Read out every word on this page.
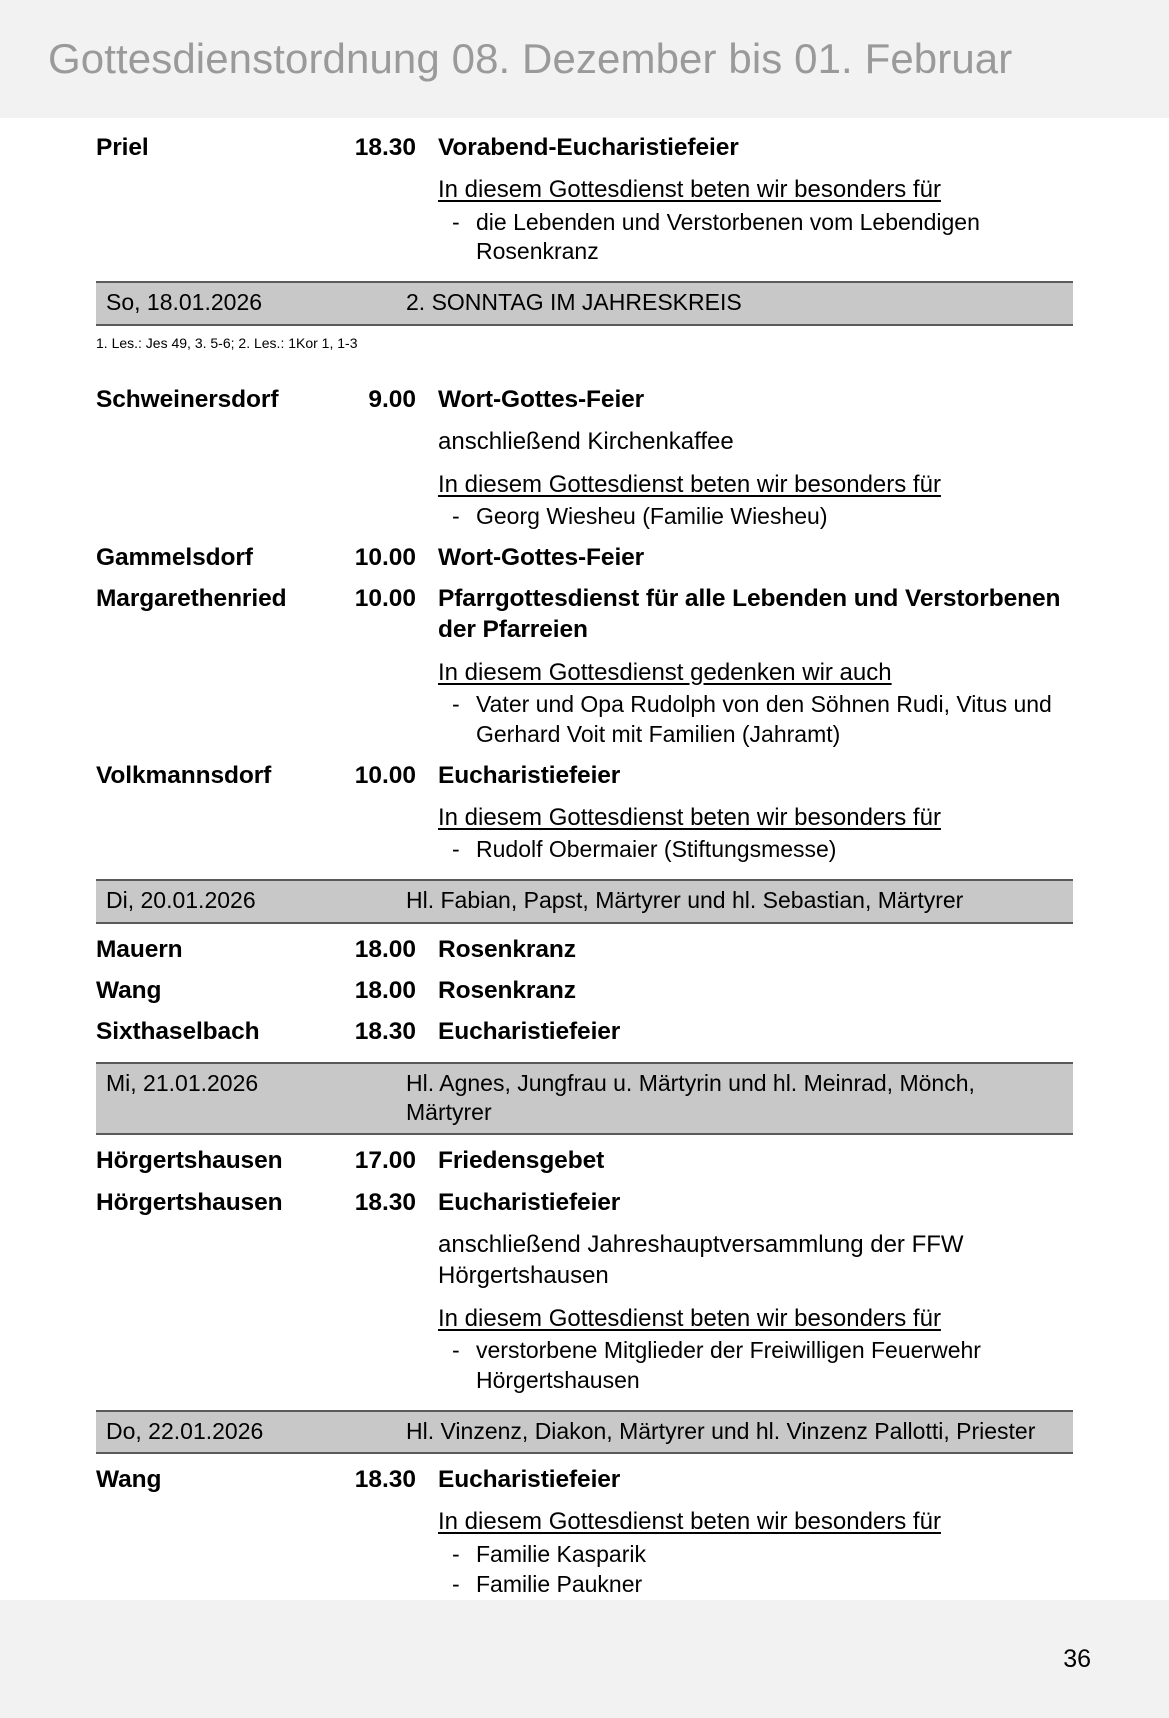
Gottesdienstordnung 08. Dezember bis 01. Februar
Priel	18.30 Vorabend-Eucharistiefeier
In diesem Gottesdienst beten wir besonders für
- die Lebenden und Verstorbenen vom Lebendigen Rosenkranz
So, 18.01.2026	2. SONNTAG IM JAHRESKREIS
1. Les.: Jes 49, 3. 5-6; 2. Les.: 1Kor 1, 1-3
Schweinersdorf	9.00 Wort-Gottes-Feier
anschließend Kirchenkaffee
In diesem Gottesdienst beten wir besonders für
- Georg Wiesheu (Familie Wiesheu)
Gammelsdorf	10.00 Wort-Gottes-Feier
Margarethenried	10.00 Pfarrgottesdienst für alle Lebenden und Verstorbenen der Pfarreien
In diesem Gottesdienst gedenken wir auch
- Vater und Opa Rudolph von den Söhnen Rudi, Vitus und Gerhard Voit mit Familien (Jahramt)
Volkmannsdorf	10.00 Eucharistiefeier
In diesem Gottesdienst beten wir besonders für
- Rudolf Obermaier (Stiftungsmesse)
Di, 20.01.2026	Hl. Fabian, Papst, Märtyrer und hl. Sebastian, Märtyrer
Mauern	18.00 Rosenkranz
Wang	18.00 Rosenkranz
Sixthaselbach	18.30 Eucharistiefeier
Mi, 21.01.2026	Hl. Agnes, Jungfrau u. Märtyrin und hl. Meinrad, Mönch, Märtyrer
Hörgertshausen	17.00 Friedensgebet
Hörgertshausen	18.30 Eucharistiefeier
anschließend Jahreshauptversammlung der FFW Hörgertshausen
In diesem Gottesdienst beten wir besonders für
- verstorbene Mitglieder der Freiwilligen Feuerwehr Hörgertshausen
Do, 22.01.2026	Hl. Vinzenz, Diakon, Märtyrer und hl. Vinzenz Pallotti, Priester
Wang	18.30 Eucharistiefeier
In diesem Gottesdienst beten wir besonders für
- Familie Kasparik
- Familie Paukner
36
